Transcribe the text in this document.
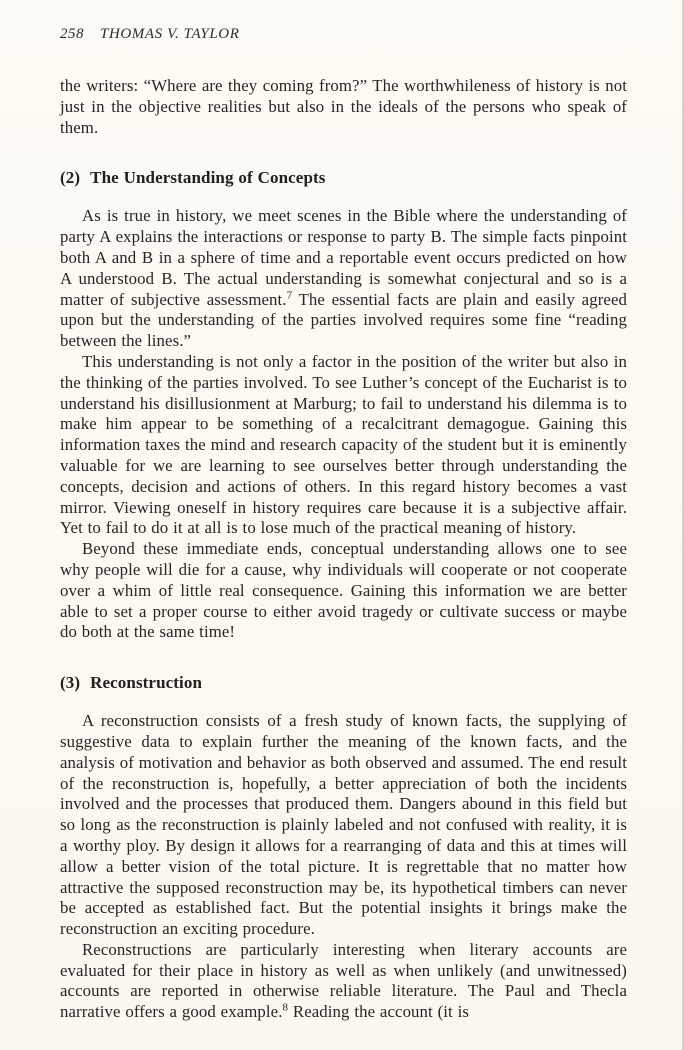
258 THOMAS V. TAYLOR

the writers: “Where are they coming from?” The worthwhileness of history is not just in the objective realities but also in the ideals of the persons who speak of them.

(2) The Understanding of Concepts

As is true in history, we meet scenes in the Bible where the understanding of party A explains the interactions or response to party B. The simple facts pinpoint both A and B in a sphere of time and a reportable event occurs predicted on how A understood B. The actual understanding is somewhat conjectural and so is a matter of subjective assessment.$^7$ The essential facts are plain and easily agreed upon but the understanding of the parties involved requires some fine “reading between the lines.”

This understanding is not only a factor in the position of the writer but also in the thinking of the parties involved. To see Luther’s concept of the Eucharist is to understand his disillusionment at Marburg; to fail to understand his dilemma is to make him appear to be something of a recalcitrant demagogue. Gaining this information taxes the mind and research capacity of the student but it is eminently valuable for we are learning to see ourselves better through understanding the concepts, decision and actions of others. In this regard history becomes a vast mirror. Viewing oneself in history requires care because it is a subjective affair. Yet to fail to do it at all is to lose much of the practical meaning of history.

Beyond these immediate ends, conceptual understanding allows one to see why people will die for a cause, why individuals will cooperate or not cooperate over a whim of little real consequence. Gaining this information we are better able to set a proper course to either avoid tragedy or cultivate success or maybe do both at the same time!

(3) Reconstruction

A reconstruction consists of a fresh study of known facts, the supplying of suggestive data to explain further the meaning of the known facts, and the analysis of motivation and behavior as both observed and assumed. The end result of the reconstruction is, hopefully, a better appreciation of both the incidents involved and the processes that produced them. Dangers abound in this field but so long as the reconstruction is plainly labeled and not confused with reality, it is a worthy ploy. By design it allows for a rearranging of data and this at times will allow a better vision of the total picture. It is regrettable that no matter how attractive the supposed reconstruction may be, its hypothetical timbers can never be accepted as established fact. But the potential insights it brings make the reconstruction an exciting procedure.

Reconstructions are particularly interesting when literary accounts are evaluated for their place in history as well as when unlikely (and unwitnessed) accounts are reported in otherwise reliable literature. The Paul and Thecla narrative offers a good example.$^8$ Reading the account (it is
